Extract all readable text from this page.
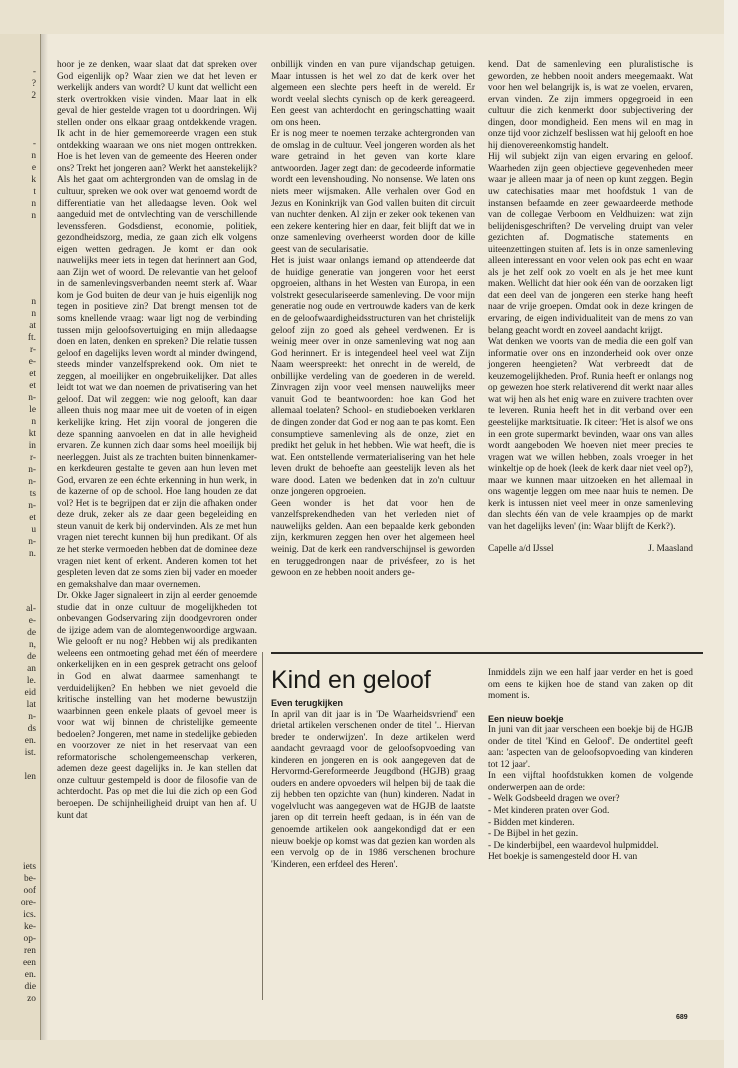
-
?
2
-
n
e
k
t
n
n
n
n
at
ft.
r-
e-
et
et
n-
le
n
kt
in
r-
n-
n-
ts
n-
et
u
n-
n.
al-
e-
de
n,
de
an
le.
eid
lat
n-
ds
en.
ist.
len
iets
be-
oof
ore-
ics.
ke-
op-
ren
een
en.
die
zo

hoor je ze denken, waar slaat dat dat spreken over God eigenlijk op? Waar zien we dat het leven er werkelijk anders van wordt? U kunt dat wellicht een sterk overtrokken visie vinden. Maar laat in elk geval de hier gestelde vragen tot u doordringen. Wij stellen onder ons elkaar graag ontdekkende vragen. Ik acht in de hier gememoreerde vragen een stuk ontdekking waaraan we ons niet mogen onttrekken. Hoe is het leven van de gemeente des Heeren onder ons? Trekt het jongeren aan? Werkt het aanstekelijk? Als het gaat om achtergronden van de omslag in de cultuur, spreken we ook over wat genoemd wordt de differentiatie van het alledaagse leven. Ook wel aangeduid met de ontvlechting van de verschillende levenssferen. Godsdienst, economie, politiek, gezondheidszorg, media, ze gaan zich elk volgens eigen wetten gedragen. Je komt er dan ook nauwelijks meer iets in tegen dat herinnert aan God, aan Zijn wet of woord. De relevantie van het geloof in de samenlevingsverbanden neemt sterk af. Waar kom je God buiten de deur van je huis eigenlijk nog tegen in positieve zin? Dat brengt mensen tot de soms knellende vraag: waar ligt nog de verbinding tussen mijn geloofsovertuiging en mijn alledaagse doen en laten, denken en spreken? Die relatie tussen geloof en dagelijks leven wordt al minder dwingend, steeds minder vanzelfsprekend ook. Om niet te zeggen, al moeilijker en ongebruikelijker. Dat alles leidt tot wat we dan noemen de privatisering van het geloof. Dat wil zeggen: wie nog gelooft, kan daar alleen thuis nog maar mee uit de voeten of in eigen kerkelijke kring. Het zijn vooral de jongeren die deze spanning aanvoelen en dat in alle hevigheid ervaren. Ze kunnen zich daar soms heel moeilijk bij neerleggen. Juist als ze trachten buiten binnenkamer- en kerkdeuren gestalte te geven aan hun leven met God, ervaren ze een échte erkenning in hun werk, in de kazerne of op de school. Hoe lang houden ze dat vol? Het is te begrijpen dat er zijn die afhaken onder deze druk, zeker als ze daar geen begeleiding en steun vanuit de kerk bij ondervinden. Als ze met hun vragen niet terecht kunnen bij hun predikant. Of als ze het sterke vermoeden hebben dat de dominee deze vragen niet kent of erkent. Anderen komen tot het gespleten leven dat ze soms zien bij vader en moeder en gemakshalve dan maar overnemen.

Dr. Okke Jager signaleert in zijn al eerder genoemde studie dat in onze cultuur de mogelijkheden tot onbevangen Godservaring zijn doodgevroren onder de ijzige adem van de alomtegenwoordige argwaan. Wie gelooft er nu nog? Hebben wij als predikanten weleens een ontmoeting gehad met één of meerdere onkerkelijken en in een gesprek getracht ons geloof in God en alwat daarmee samenhangt te verduidelijken? En hebben we niet gevoeld die kritische instelling van het moderne bewustzijn waarbinnen geen enkele plaats of gevoel meer is voor wat wij binnen de christelijke gemeente bedoelen? Jongeren, met name in stedelijke gebieden en voorzover ze niet in het reservaat van een reformatorische scholengemeenschap verkeren, ademen deze geest dagelijks in. Je kan stellen dat onze cultuur gestempeld is door de filosofie van de achterdocht. Pas op met die lui die zich op een God beroepen. De schijnheiligheid druipt van hen af. U kunt dat

onbillijk vinden en van pure vijandschap getuigen. Maar intussen is het wel zo dat de kerk over het algemeen een slechte pers heeft in de wereld. Er wordt veelal slechts cynisch op de kerk gereageerd. Een geest van achterdocht en geringschatting waait om ons heen.

Er is nog meer te noemen terzake achtergronden van de omslag in de cultuur. Veel jongeren worden als het ware getraind in het geven van korte klare antwoorden. Jager zegt dan: de gecodeerde informatie wordt een levenshouding. No nonsense. We laten ons niets meer wijsmaken. Alle verhalen over God en Jezus en Koninkrijk van God vallen buiten dit circuit van nuchter denken. Al zijn er zeker ook tekenen van een zekere kentering hier en daar, feit blijft dat we in onze samenleving overheerst worden door de kille geest van de secularisatie.

Het is juist waar onlangs iemand op attendeerde dat de huidige generatie van jongeren voor het eerst opgroeien, althans in het Westen van Europa, in een volstrekt geseculariseerde samenleving. De voor mijn generatie nog oude en vertrouwde kaders van de kerk en de geloofwaardigheidsstructuren van het christelijk geloof zijn zo goed als geheel verdwenen. Er is weinig meer over in onze samenleving wat nog aan God herinnert. Er is integendeel heel veel wat Zijn Naam weerspreekt: het onrecht in de wereld, de onbillijke verdeling van de goederen in de wereld. Zinvragen zijn voor veel mensen nauwelijks meer vanuit God te beantwoorden: hoe kan God het allemaal toelaten? School- en studieboeken verklaren de dingen zonder dat God er nog aan te pas komt. Een consumptieve samenleving als de onze, ziet en predikt het geluk in het hebben. Wie wat heeft, die is wat. Een ontstellende vermaterialisering van het hele leven drukt de behoefte aan geestelijk leven als het ware dood. Laten we bedenken dat in zo'n cultuur onze jongeren opgroeien.

Geen wonder is het dat voor hen de vanzelfsprekendheden van het verleden niet of nauwelijks gelden. Aan een bepaalde kerk gebonden zijn, kerkmuren zeggen hen over het algemeen heel weinig. Dat de kerk een randverschijnsel is geworden en teruggedrongen naar de privésfeer, zo is het gewoon en ze hebben nooit anders ge-

kend. Dat de samenleving een pluralistische is geworden, ze hebben nooit anders meegemaakt. Wat voor hen wel belangrijk is, is wat ze voelen, ervaren, ervan vinden. Ze zijn immers opgegroeid in een cultuur die zich kenmerkt door subjectivering der dingen, door mondigheid. Een mens wil en mag in onze tijd voor zichzelf beslissen wat hij gelooft en hoe hij dienovereenkomstig handelt.

Hij wil subjekt zijn van eigen ervaring en geloof. Waarheden zijn geen objectieve gegevenheden meer waar je alleen maar ja of neen op kunt zeggen. Begin uw catechisaties maar met hoofdstuk 1 van de instansen befaamde en zeer gewaardeerde methode van de collegae Verboom en Veldhuizen: wat zijn belijdenisgeschriften? De verveling druipt van veler gezichten af. Dogmatische statements en uiteenzettingen stuiten af. Iets is in onze samenleving alleen interessant en voor velen ook pas echt en waar als je het zelf ook zo voelt en als je het mee kunt maken. Wellicht dat hier ook één van de oorzaken ligt dat een deel van de jongeren een sterke hang heeft naar de vrije groepen. Omdat ook in deze kringen de ervaring, de eigen individualiteit van de mens zo van belang geacht wordt en zoveel aandacht krijgt.

Wat denken we voorts van de media die een golf van informatie over ons en inzonderheid ook over onze jongeren heengieten? Wat verbreedt dat de keuzemogelijkheden. Prof. Runia heeft er onlangs nog op gewezen hoe sterk relativerend dit werkt naar alles wat wij hen als het enig ware en zuivere trachten over te leveren. Runia heeft het in dit verband over een geestelijke marktsituatie. Ik citeer: 'Het is alsof we ons in een grote supermarkt bevinden, waar ons van alles wordt aangeboden We hoeven niet meer precies te vragen wat we willen hebben, zoals vroeger in het winkeltje op de hoek (leek de kerk daar niet veel op?), maar we kunnen maar uitzoeken en het allemaal in ons wagentje leggen om mee naar huis te nemen. De kerk is intussen niet veel meer in onze samenleving dan slechts één van de vele kraampjes op de markt van het dagelijks leven' (in: Waar blijft de Kerk?).

Capelle a/d IJssel	J. Maasland
Kind en geloof
Even terugkijken

In april van dit jaar is in 'De Waarheidsvriend' een drietal artikelen verschenen onder de titel '.. Hiervan breder te onderwijzen'. In deze artikelen werd aandacht gevraagd voor de geloofsopvoeding van kinderen en jongeren en is ook aangegeven dat de Hervormd-Gereformeerde Jeugdbond (HGJB) graag ouders en andere opvoeders wil helpen bij de taak die zij hebben ten opzichte van (hun) kinderen. Nadat in vogelvlucht was aangegeven wat de HGJB de laatste jaren op dit terrein heeft gedaan, is in één van de genoemde artikelen ook aangekondigd dat er een nieuw boekje op komst was dat gezien kan worden als een vervolg op de in 1986 verschenen brochure 'Kinderen, een erfdeel des Heren'.

Inmiddels zijn we een half jaar verder en het is goed om eens te kijken hoe de stand van zaken op dit moment is.

Een nieuw boekje

In juni van dit jaar verscheen een boekje bij de HGJB onder de titel 'Kind en Geloof'. De ondertitel geeft aan: 'aspecten van de geloofsopvoeding van kinderen tot 12 jaar'.

In een vijftal hoofdstukken komen de volgende onderwerpen aan de orde:

- Welk Godsbeeld dragen we over?
- Met kinderen praten over God.
- Bidden met kinderen.
- De Bijbel in het gezin.
- De kinderbijbel, een waardevol hulpmiddel.

Het boekje is samengesteld door H. van

689
